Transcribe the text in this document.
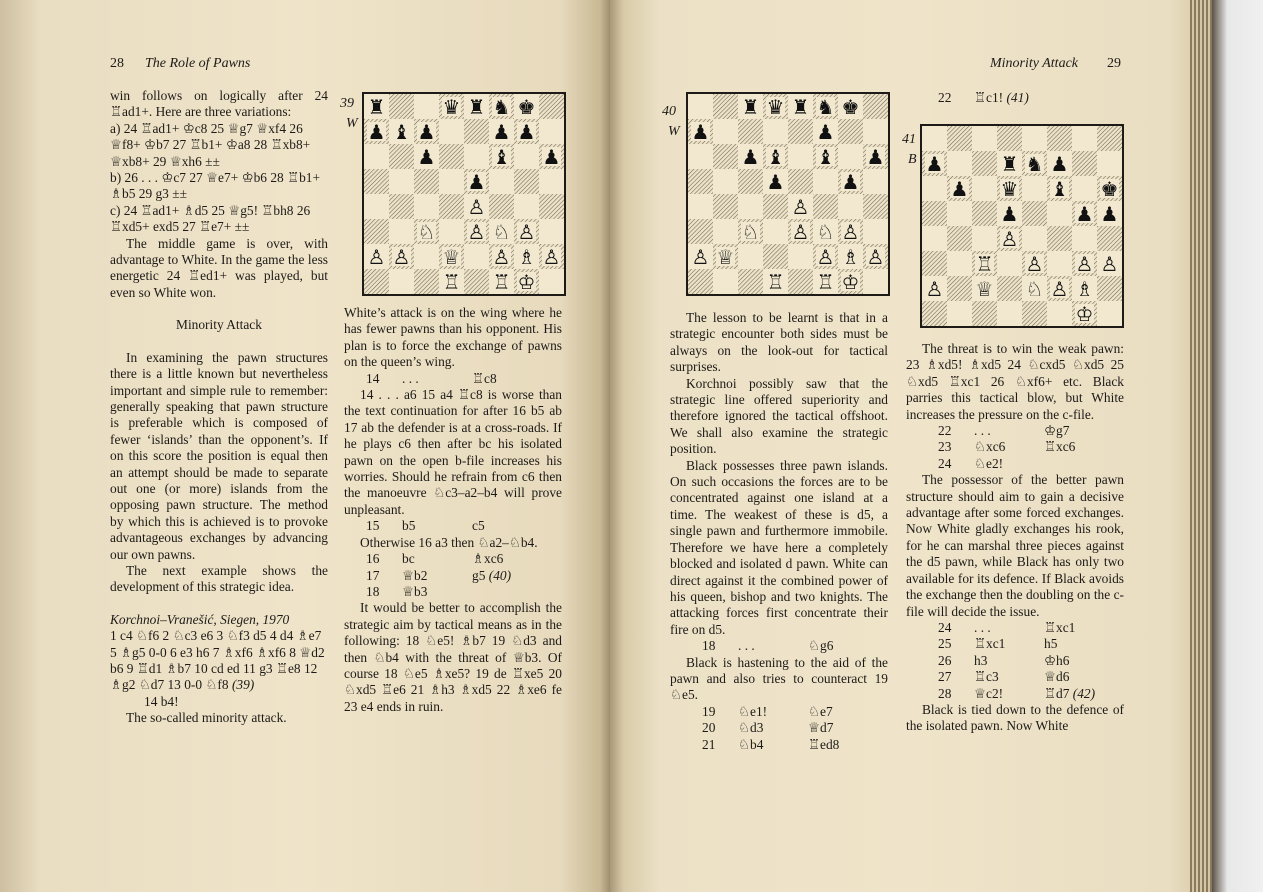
28 The Role of Pawns

win follows on logically after 24 ♖ad1+. Here are three variations:

a) 24 ♖ad1+ ♔c8 25 ♕g7 ♕xf4 26 ♕f8+ ♔b7 27 ♖b1+ ♔a8 28 ♖xb8+ ♕xb8+ 29 ♕xh6 ±±

b) 26 . . . ♔c7 27 ♕e7+ ♔b6 28 ♖b1+ ♗b5 29 g3 ±±

c) 24 ♖ad1+ ♗d5 25 ♕g5! ♖bh8 26 ♖xd5+ exd5 27 ♖e7+ ±±

The middle game is over, with advantage to White. In the game the less energetic 24 ♖ed1+ was played, but even so White won.

Minority Attack

In examining the pawn structures there is a little known but nevertheless important and simple rule to remember: generally speaking that pawn structure is preferable which is composed of fewer ‘islands’ than the opponent’s. If on this score the position is equal then an attempt should be made to separate out one (or more) islands from the opposing pawn structure. The method by which this is achieved is to provoke advantageous exchanges by advancing our own pawns.

The next example shows the development of this strategic idea.

Korchnoi–Vranešić, Siegen, 1970

1 c4 ♘f6 2 ♘c3 e6 3 ♘f3 d5 4 d4 ♗e7 5 ♗g5 0-0 6 e3 h6 7 ♗xf6 ♗xf6 8 ♕d2 b6 9 ♖d1 ♗b7 10 cd ed 11 g3 ♖e8 12 ♗g2 ♘d7 13 0-0 ♘f8 (39)

14 b4!

The so-called minority attack.

39
W
♜	♛ ♜ ♞ ♚
♟ ♝ ♟	♟ ♟
♟	♝ ♟
♟
♙
♘ ♙ ♘ ♙
♙ ♙ ♕ ♙ ♗ ♙
♖ ♖ ♔

White’s attack is on the wing where he has fewer pawns than his opponent. His plan is to force the exchange of pawns on the queen’s wing.

14	. . .	♖c8

14 . . . a6 15 a4 ♖c8 is worse than the text continuation for after 16 b5 ab 17 ab the defender is at a cross-roads. If he plays c6 then after bc his isolated pawn on the open b-file increases his worries. Should he refrain from c6 then the manoeuvre ♘c3–a2–b4 will prove unpleasant.

15	b5	c5

Otherwise 16 a3 then ♘a2–♘b4.

16	bc	♗xc6
17	♕b2	g5 (40)
18	♕b3

It would be better to accomplish the strategic aim by tactical means as in the following: 18 ♘e5! ♗b7 19 ♘d3 and then ♘b4 with the threat of ♕b3. Of course 18 ♘e5 ♗xe5? 19 de ♖xe5 20 ♘xd5 ♖e6 21 ♗h3 ♗xd5 22 ♗xe6 fe 23 e4 ends in ruin.

Minority Attack 29
40
W
♜ ♛ ♜ ♞ ♚
♟	♟
♟ ♝ ♝ ♟
♟	♟
♙
♘ ♙ ♘ ♙
♙ ♕	♙ ♗ ♙
♖ ♖ ♔

The lesson to be learnt is that in a strategic encounter both sides must be always on the look-out for tactical surprises.

Korchnoi possibly saw that the strategic line offered superiority and therefore ignored the tactical offshoot. We shall also examine the strategic position.

Black possesses three pawn islands. On such occasions the forces are to be concentrated against one island at a time. The weakest of these is d5, a single pawn and furthermore immobile. Therefore we have here a completely blocked and isolated d pawn. White can direct against it the combined power of his queen, bishop and two knights. The attacking forces first concentrate their fire on d5.

18	. . .	♘g6

Black is hastening to the aid of the pawn and also tries to counteract 19 ♘e5.

19	♘e1!	♘e7
20	♘d3	♕d7
21	♘b4	♖ed8
22	♖c1! (41)
41
B ♟	♜ ♞ ♟
♟ ♛ ♝ ♚
♟	♟ ♟
♙
♖ ♙ ♙ ♙
♙ ♕ ♘ ♙ ♗
♔

The threat is to win the weak pawn: 23 ♗xd5! ♗xd5 24 ♘cxd5 ♘xd5 25 ♘xd5 ♖xc1 26 ♘xf6+ etc. Black parries this tactical blow, but White increases the pressure on the c-file.

22	. . .	♔g7
23	♘xc6	♖xc6
24	♘e2!

The possessor of the better pawn structure should aim to gain a decisive advantage after some forced exchanges. Now White gladly exchanges his rook, for he can marshal three pieces against the d5 pawn, while Black has only two available for its defence. If Black avoids the exchange then the doubling on the c-file will decide the issue.

24	. . .	♖xc1
25	♖xc1	h5
26	h3	♔h6
27	♖c3	♕d6
28	♕c2!	♖d7 (42)

Black is tied down to the defence of the isolated pawn. Now White
